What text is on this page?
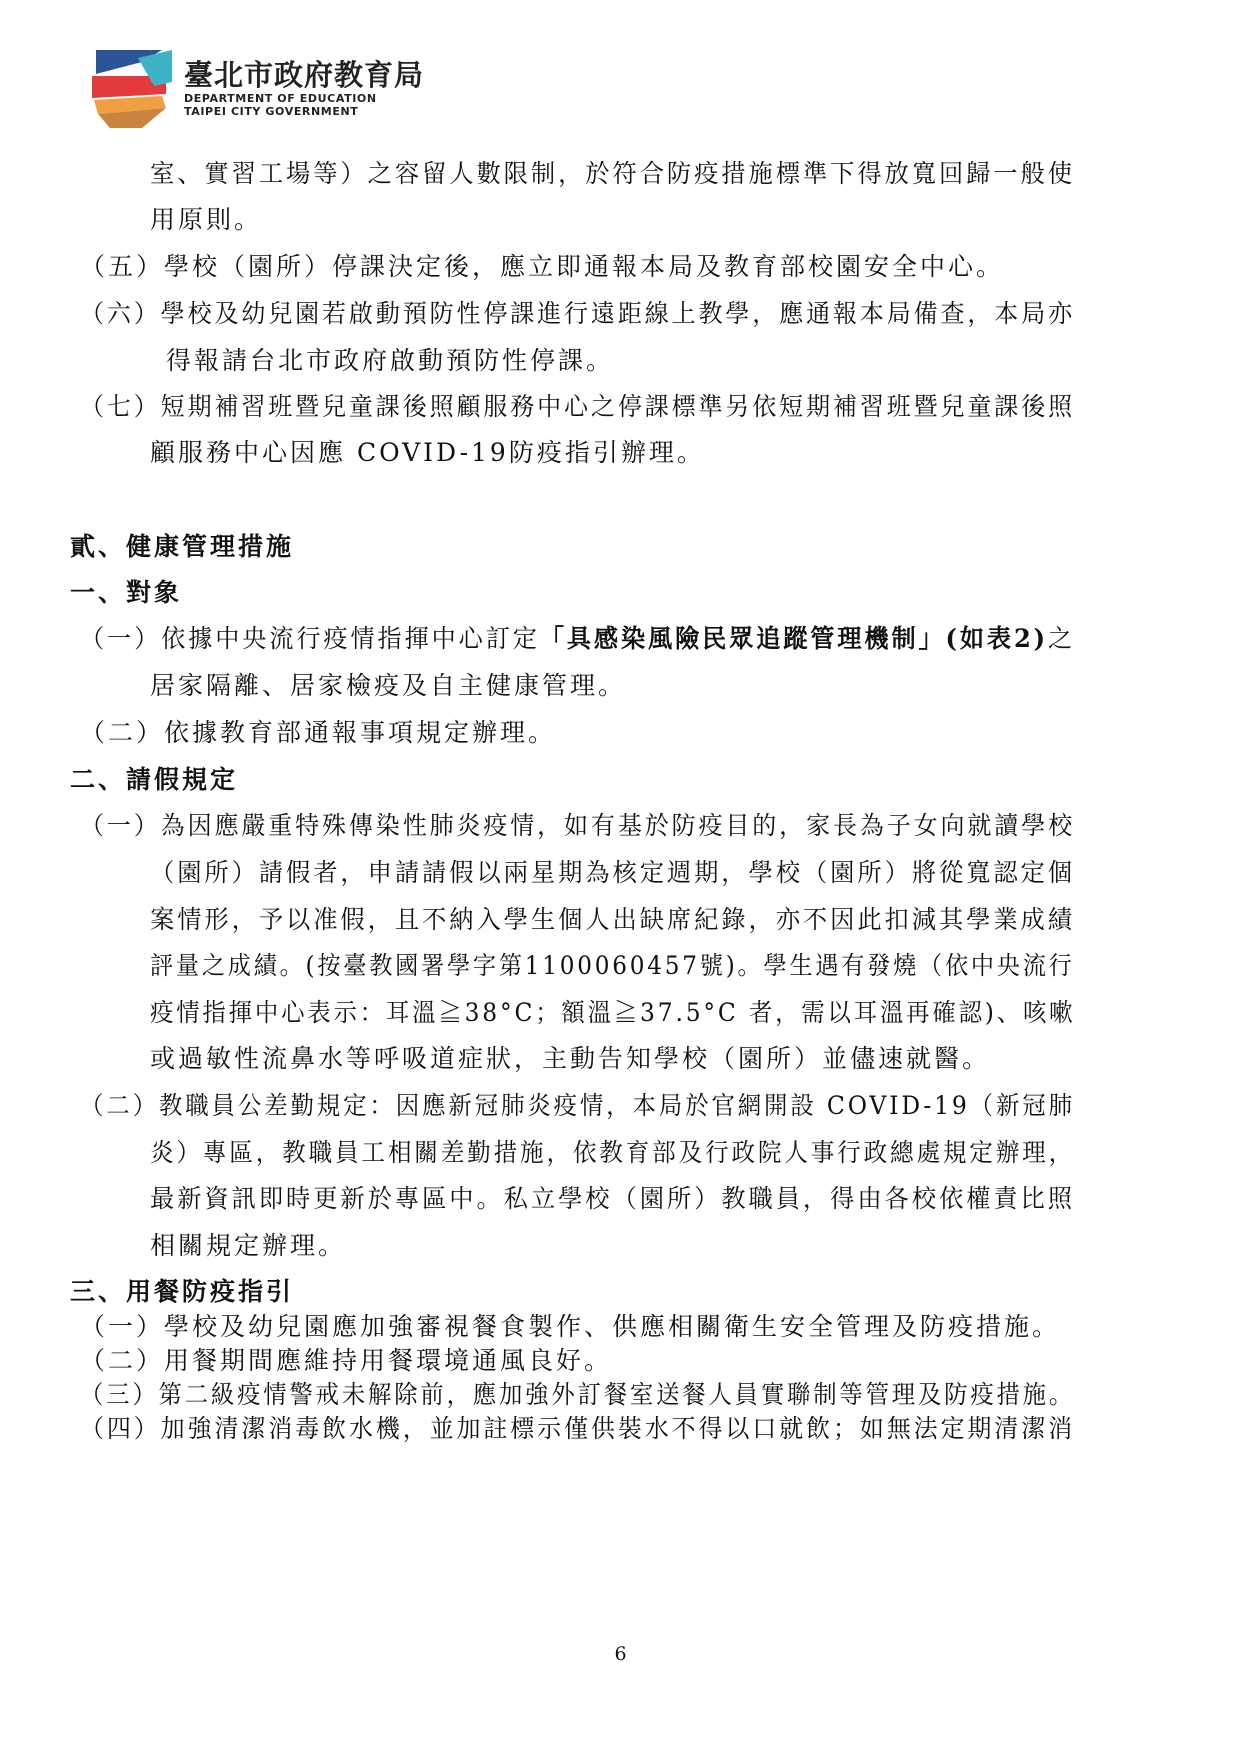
臺北市政府教育局
DEPARTMENT OF EDUCATION
TAIPEI CITY GOVERNMENT
室、實習工場等）之容留人數限制，於符合防疫措施標準下得放寬回歸一般使
用原則。
（五）學校（園所）停課決定後，應立即通報本局及教育部校園安全中心。
（六）學校及幼兒園若啟動預防性停課進行遠距線上教學，應通報本局備查，本局亦
得報請台北市政府啟動預防性停課。
（七）短期補習班暨兒童課後照顧服務中心之停課標準另依短期補習班暨兒童課後照
顧服務中心因應 COVID-19防疫指引辦理。
貳、健康管理措施
一、對象
（一）依據中央流行疫情指揮中心訂定「具感染風險民眾追蹤管理機制」(如表2)之
居家隔離、居家檢疫及自主健康管理。
（二）依據教育部通報事項規定辦理。
二、請假規定
（一）為因應嚴重特殊傳染性肺炎疫情，如有基於防疫目的，家長為子女向就讀學校
（園所）請假者，申請請假以兩星期為核定週期，學校（園所）將從寬認定個
案情形，予以准假，且不納入學生個人出缺席紀錄，亦不因此扣減其學業成績
評量之成績。(按臺教國署學字第1100060457號)。學生遇有發燒（依中央流行
疫情指揮中心表示：耳溫≧38°C；額溫≧37.5°C 者，需以耳溫再確認)、咳嗽
或過敏性流鼻水等呼吸道症狀，主動告知學校（園所）並儘速就醫。
（二）教職員公差勤規定：因應新冠肺炎疫情，本局於官網開設 COVID-19（新冠肺
炎）專區，教職員工相關差勤措施，依教育部及行政院人事行政總處規定辦理，
最新資訊即時更新於專區中。私立學校（園所）教職員，得由各校依權責比照
相關規定辦理。
三、用餐防疫指引
（一）學校及幼兒園應加強審視餐食製作、供應相關衛生安全管理及防疫措施。
（二）用餐期間應維持用餐環境通風良好。
（三）第二級疫情警戒未解除前，應加強外訂餐室送餐人員實聯制等管理及防疫措施。
（四）加強清潔消毒飲水機，並加註標示僅供裝水不得以口就飲；如無法定期清潔消
6
